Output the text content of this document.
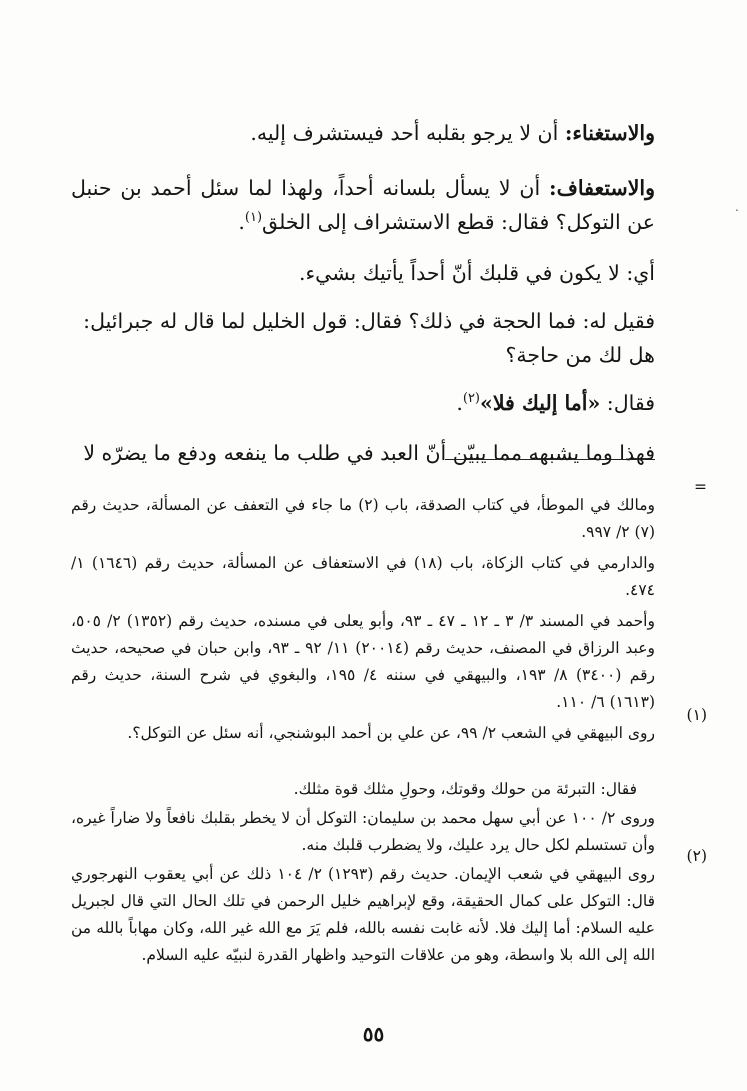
والاستغناء: أن لا يرجو بقلبه أحد فيستشرف إليه.

والاستعفاف: أن لا يسأل بلسانه أحداً، ولهذا لما سئل أحمد بن حنبل عن التوكل؟ فقال: قطع الاستشراف إلى الخلق$^{(١)}$.

أي: لا يكون في قلبك أنّ أحداً يأتيك بشيء.

فقيل له: فما الحجة في ذلك؟ فقال: قول الخليل لما قال له جبرائيل: هل لك من حاجة؟

فقال: «أما إليك فلا»$^{(٢)}$.

فهذا وما يشبهه مما يبيّن أنّ العبد في طلب ما ينفعه ودفع ما يضرّه لا

.
=

ومالك في الموطأ، في كتاب الصدقة، باب (٢) ما جاء في التعفف عن المسألة، حديث رقم (٧) ٢/ ٩٩٧.

والدارمي في كتاب الزكاة، باب (١٨) في الاستعفاف عن المسألة، حديث رقم (١٦٤٦) ١/ ٤٧٤.

وأحمد في المسند ٣/ ٣ ـ ١٢ ـ ٤٧ ـ ٩٣، وأبو يعلى في مسنده، حديث رقم (١٣٥٢) ٢/ ٥٠٥، وعبد الرزاق في المصنف، حديث رقم (٢٠٠١٤) ١١/ ٩٢ ـ ٩٣، وابن حبان في صحيحه، حديث رقم (٣٤٠٠) ٨/ ١٩٣، والبيهقي في سننه ٤/ ١٩٥، والبغوي في شرح السنة، حديث رقم (١٦١٣) ٦/ ١١٠.

(١)

روى البيهقي في الشعب ٢/ ٩٩، عن علي بن أحمد البوشنجي، أنه سئل عن التوكل؟.

فقال: التبرئة من حولك وقوتك، وحولِ مثلك قوة مثلك.

وروى ٢/ ١٠٠ عن أبي سهل محمد بن سليمان: التوكل أن لا يخطر بقلبك نافعاً ولا ضاراً غيره، وأن تستسلم لكل حال يرد عليك، ولا يضطرب قلبك منه.

(٢)

روى البيهقي في شعب الإيمان. حديث رقم (١٢٩٣) ٢/ ١٠٤ ذلك عن أبي يعقوب النهرجوري قال: التوكل على كمال الحقيقة، وقع لإبراهيم خليل الرحمن في تلك الحال التي قال لجبريل عليه السلام: أما إليك فلا. لأنه غابت نفسه بالله، فلم يَرَ مع الله غير الله، وكان مهاباً بالله من الله إلى الله بلا واسطة، وهو من علاقات التوحيد واظهار القدرة لنبيّه عليه السلام.

٥٥
